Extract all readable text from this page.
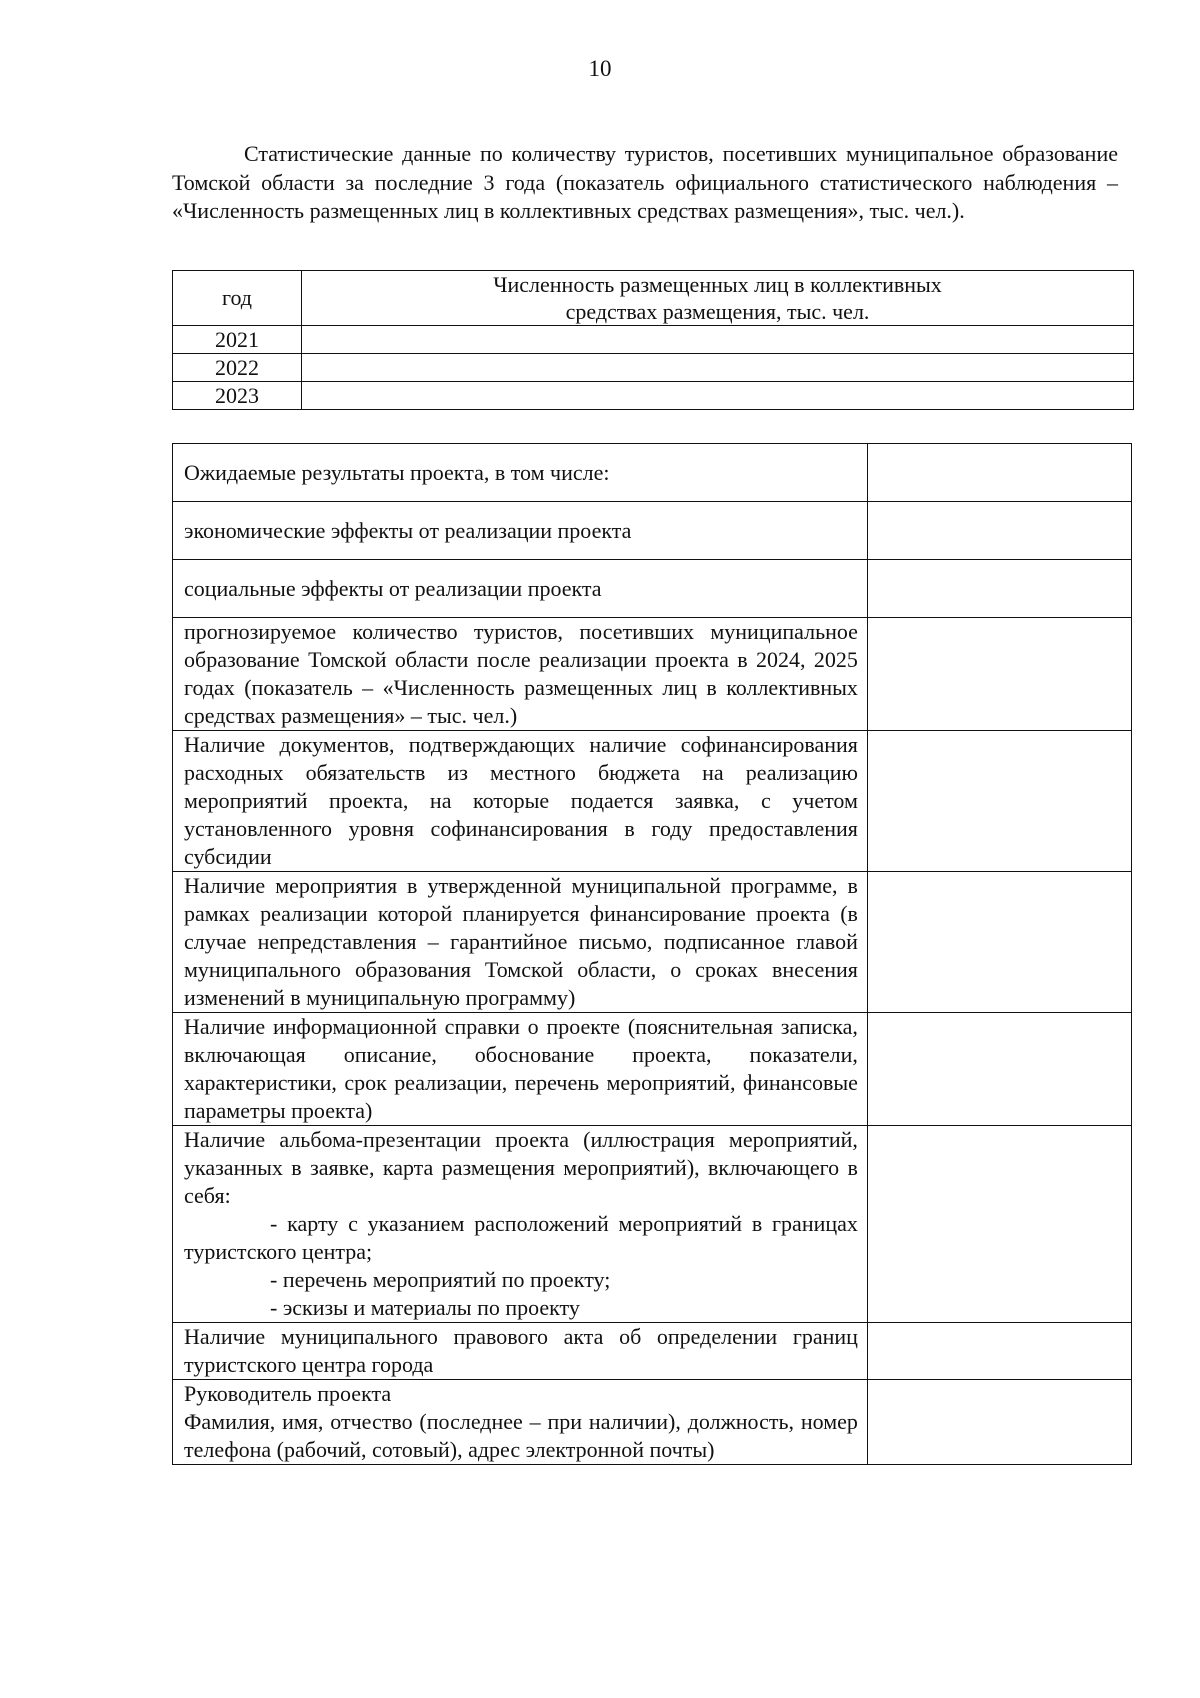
10

Статистические данные по количеству туристов, посетивших муниципальное образование Томской области за последние 3 года (показатель официального статистического наблюдения – «Численность размещенных лиц в коллективных средствах размещения», тыс. чел.).

год	Численность размещенных лиц в коллективных средствах размещения, тыс. чел.
2021	
2022	
2023	
Ожидаемые результаты проекта, в том числе:	

экономические эффекты от реализации проекта	

социальные эффекты от реализации проекта	

прогнозируемое количество туристов, посетивших муниципальное образование Томской области после реализации проекта в 2024, 2025 годах (показатель – «Численность размещенных лиц в коллективных средствах размещения» – тыс. чел.)	

Наличие документов, подтверждающих наличие софинансирования расходных обязательств из местного бюджета на реализацию мероприятий проекта, на которые подается заявка, с учетом установленного уровня софинансирования в году предоставления субсидии	

Наличие мероприятия в утвержденной муниципальной программе, в рамках реализации которой планируется финансирование проекта (в случае непредставления – гарантийное письмо, подписанное главой муниципального образования Томской области, о сроках внесения изменений в муниципальную программу)	

Наличие информационной справки о проекте (пояснительная записка, включающая описание, обоснование проекта, показатели, характеристики, срок реализации, перечень мероприятий, финансовые параметры проекта)	

Наличие альбома-презентации проекта (иллюстрация мероприятий, указанных в заявке, карта размещения мероприятий), включающего в себя:
- карту с указанием расположений мероприятий в границах туристского центра;
- перечень мероприятий по проекту;
- эскизы и материалы по проекту	

Наличие муниципального правового акта об определении границ туристского центра города	

Руководитель проекта
Фамилия, имя, отчество (последнее – при наличии), должность, номер телефона (рабочий, сотовый), адрес электронной почты)	
